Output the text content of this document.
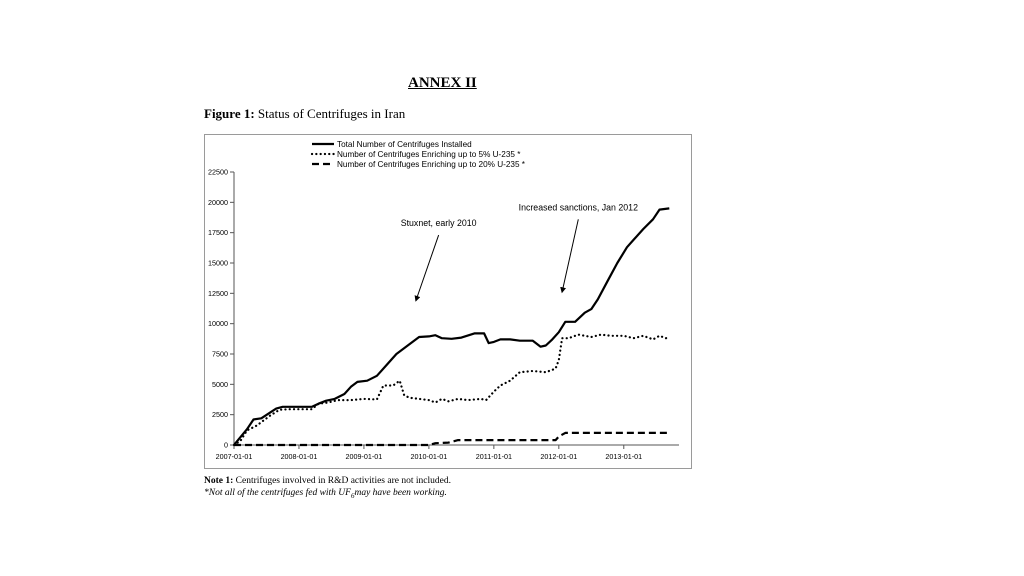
ANNEX II
Figure 1: Status of Centrifuges in Iran
Total Number of Centrifuges Installed
Number of Centrifuges Enriching up to 5% U-235 *
Number of Centrifuges Enriching up to 20% U-235 *
0
2500
5000
7500
10000
12500
15000
17500
20000
22500
2007-01-01	2008-01-01	2009-01-01	2010-01-01	2011-01-01	2012-01-01	2013-01-01
Stuxnet, early 2010
Increased sanctions, Jan 2012
Note 1: Centrifuges involved in R&D activities are not included.
*Not all of the centrifuges fed with $UF_6may$ have been working.
